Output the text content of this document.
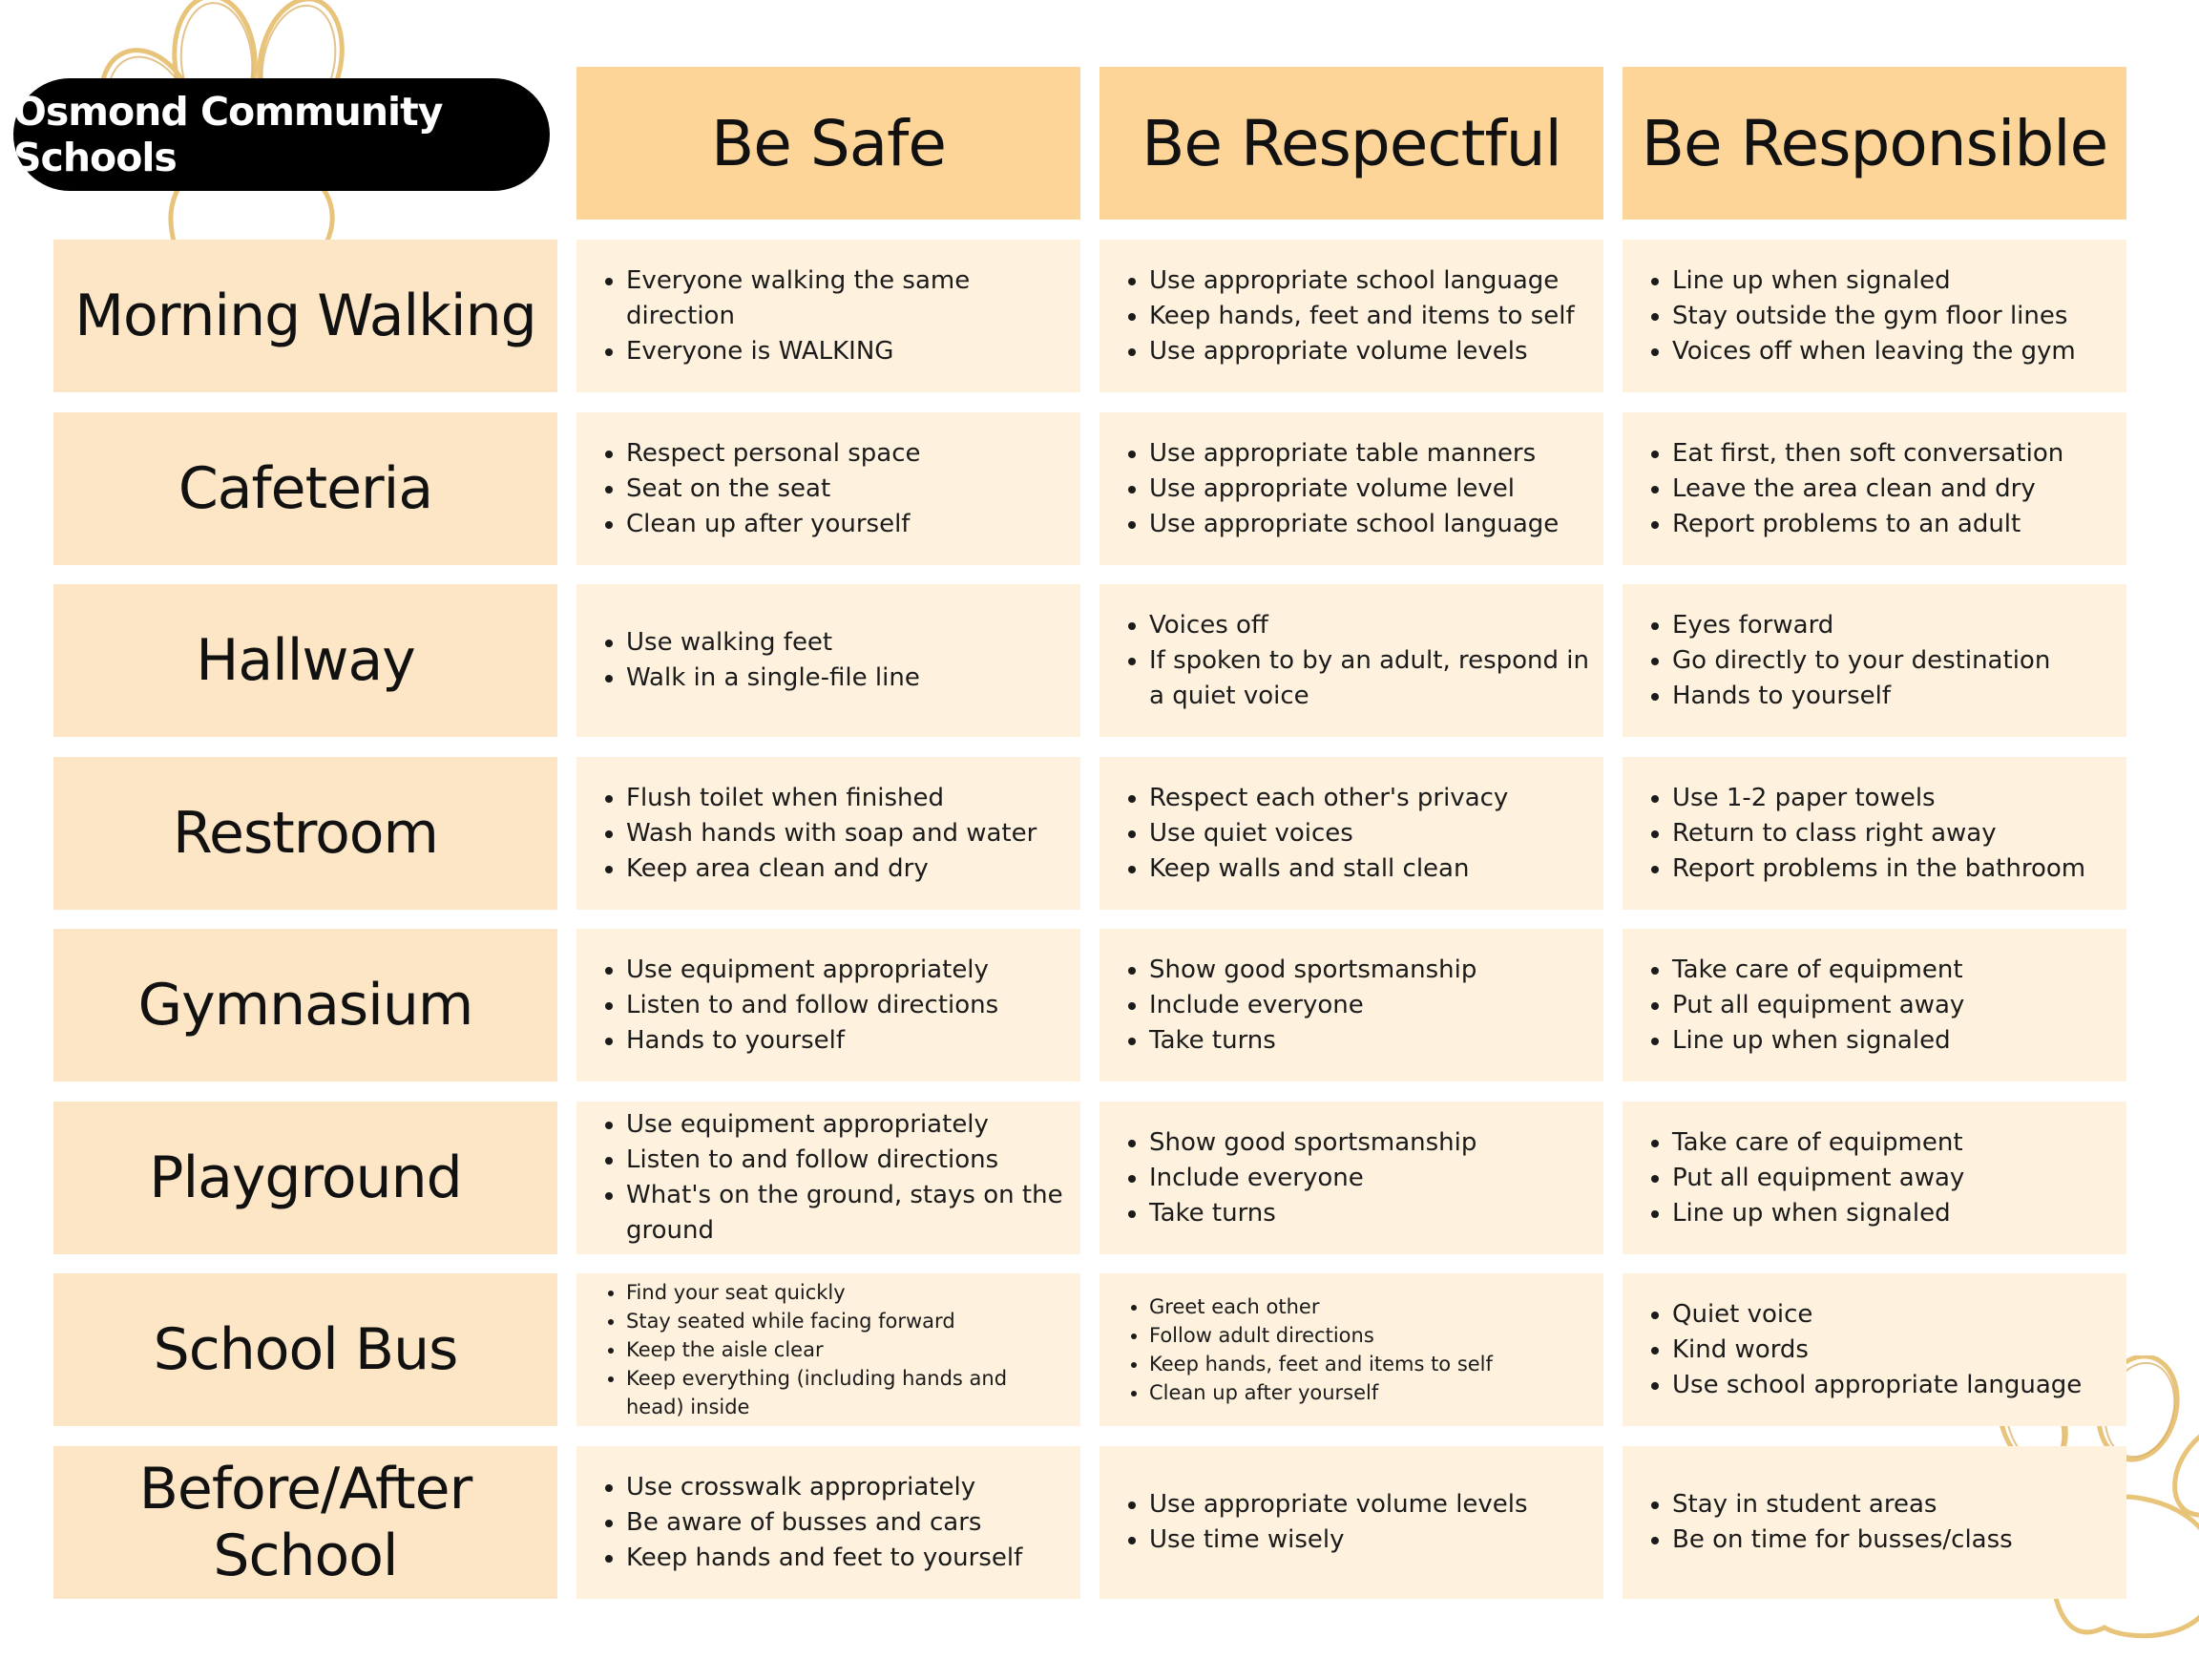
Osmond Community Schools	Be Safe	Be Respectful	Be Responsible
Morning Walking
• Everyone walking the same direction
• Everyone is WALKING
• Use appropriate school language
• Keep hands, feet and items to self
• Use appropriate volume levels
• Line up when signaled
• Stay outside the gym floor lines
• Voices off when leaving the gym
Cafeteria
• Respect personal space
• Seat on the seat
• Clean up after yourself
• Use appropriate table manners
• Use appropriate volume level
• Use appropriate school language
• Eat first, then soft conversation
• Leave the area clean and dry
• Report problems to an adult
Hallway
•	Use walking feet
• Walk in a single-file line
• Voices off
• If spoken to by an adult, respond in a quiet voice
• Eyes forward
• Go directly to your destination
• Hands to yourself
Restroom
• Flush toilet when finished
• Wash hands with soap and water
• Keep area clean and dry
• Respect each other's privacy
• Use quiet voices
• Keep walls and stall clean
• Use 1-2 paper towels
• Return to class right away
• Report problems in the bathroom
Gymnasium
• Use equipment appropriately
• Listen to and follow directions
• Hands to yourself
• Show good sportsmanship
• Include everyone
• Take turns
• Take care of equipment
• Put all equipment away
• Line up when signaled
Playground
• Use equipment appropriately
• Listen to and follow directions
• What's on the ground, stays on the ground
• Show good sportsmanship
• Include everyone
• Take turns
• Take care of equipment
• Put all equipment away
• Line up when signaled
School Bus
• Find your seat quickly
• Stay seated while facing forward
• Keep the aisle clear
• Keep everything (including hands and head) inside
• Greet each other
• Follow adult directions
• Keep hands, feet and items to self
• Clean up after yourself
• Quiet voice
• Kind words
• Use school appropriate language
Before/After School
• Use crosswalk appropriately
• Be aware of busses and cars
• Keep hands and feet to yourself
• Use appropriate volume levels
• Use time wisely
• Stay in student areas
• Be on time for busses/class
